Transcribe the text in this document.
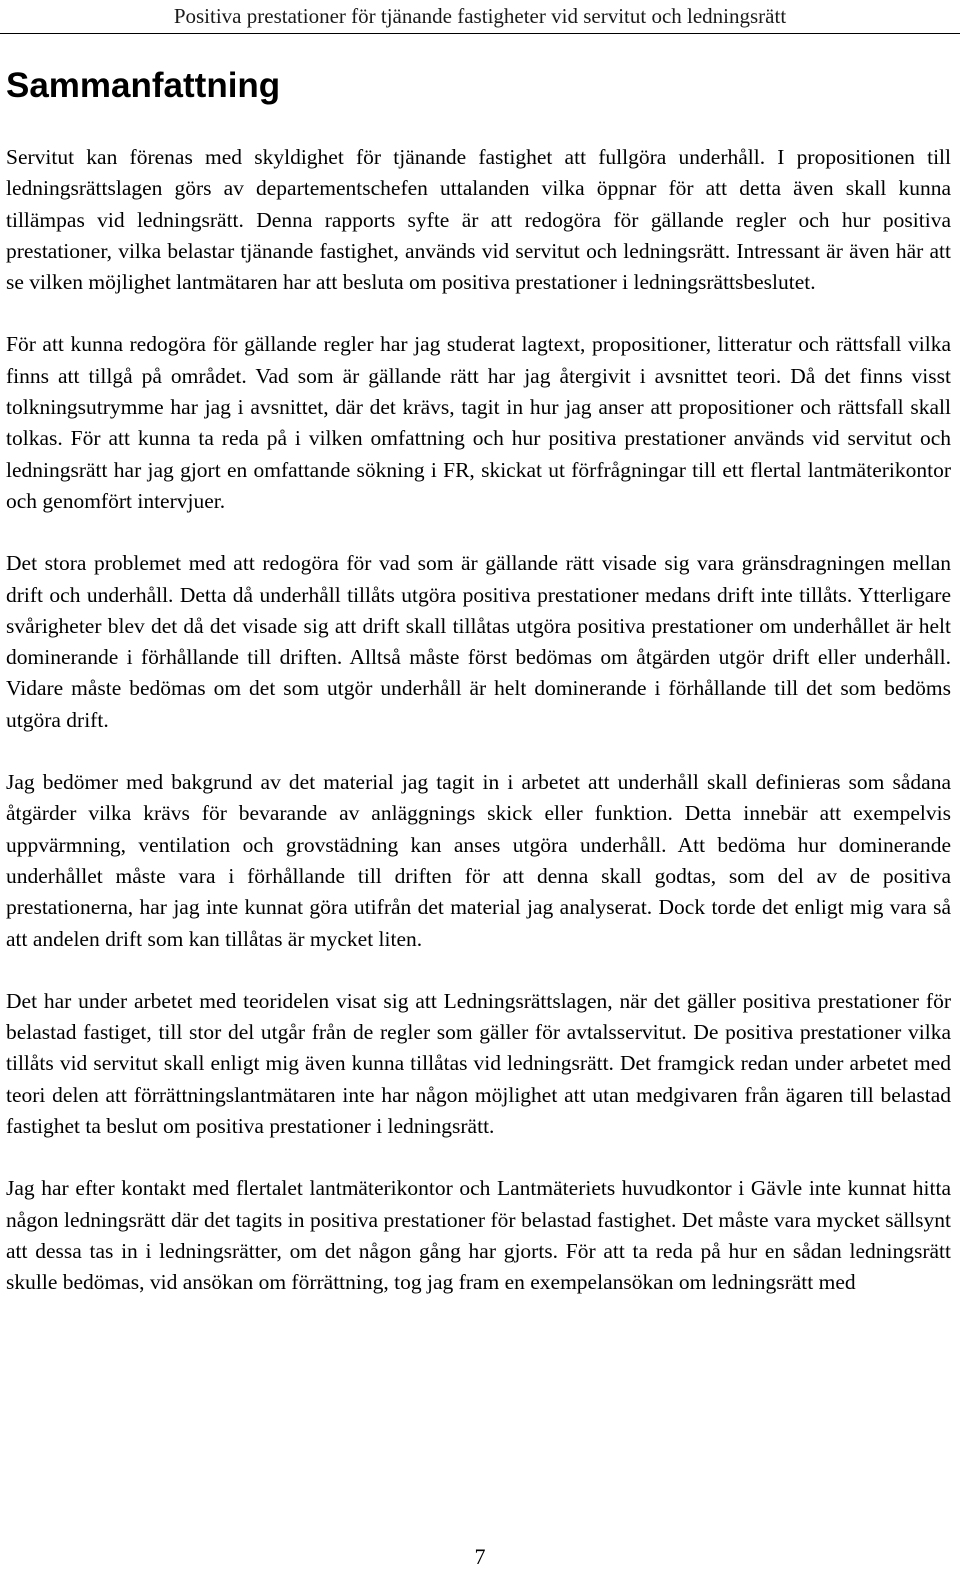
Positiva prestationer för tjänande fastigheter vid servitut och ledningsrätt
Sammanfattning

Servitut kan förenas med skyldighet för tjänande fastighet att fullgöra underhåll. I propositionen till ledningsrättslagen görs av departementschefen uttalanden vilka öppnar för att detta även skall kunna tillämpas vid ledningsrätt. Denna rapports syfte är att redogöra för gällande regler och hur positiva prestationer, vilka belastar tjänande fastighet, används vid servitut och ledningsrätt. Intressant är även här att se vilken möjlighet lantmätaren har att besluta om positiva prestationer i ledningsrättsbeslutet.

För att kunna redogöra för gällande regler har jag studerat lagtext, propositioner, litteratur och rättsfall vilka finns att tillgå på området. Vad som är gällande rätt har jag återgivit i avsnittet teori. Då det finns visst tolkningsutrymme har jag i avsnittet, där det krävs, tagit in hur jag anser att propositioner och rättsfall skall tolkas. För att kunna ta reda på i vilken omfattning och hur positiva prestationer används vid servitut och ledningsrätt har jag gjort en omfattande sökning i FR, skickat ut förfrågningar till ett flertal lantmäterikontor och genomfört intervjuer.

Det stora problemet med att redogöra för vad som är gällande rätt visade sig vara gränsdragningen mellan drift och underhåll. Detta då underhåll tillåts utgöra positiva prestationer medans drift inte tillåts. Ytterligare svårigheter blev det då det visade sig att drift skall tillåtas utgöra positiva prestationer om underhållet är helt dominerande i förhållande till driften. Alltså måste först bedömas om åtgärden utgör drift eller underhåll. Vidare måste bedömas om det som utgör underhåll är helt dominerande i förhållande till det som bedöms utgöra drift.

Jag bedömer med bakgrund av det material jag tagit in i arbetet att underhåll skall definieras som sådana åtgärder vilka krävs för bevarande av anläggnings skick eller funktion. Detta innebär att exempelvis uppvärmning, ventilation och grovstädning kan anses utgöra underhåll. Att bedöma hur dominerande underhållet måste vara i förhållande till driften för att denna skall godtas, som del av de positiva prestationerna, har jag inte kunnat göra utifrån det material jag analyserat. Dock torde det enligt mig vara så att andelen drift som kan tillåtas är mycket liten.

Det har under arbetet med teoridelen visat sig att Ledningsrättslagen, när det gäller positiva prestationer för belastad fastiget, till stor del utgår från de regler som gäller för avtalsservitut. De positiva prestationer vilka tillåts vid servitut skall enligt mig även kunna tillåtas vid ledningsrätt. Det framgick redan under arbetet med teori delen att förrättningslantmätaren inte har någon möjlighet att utan medgivaren från ägaren till belastad fastighet ta beslut om positiva prestationer i ledningsrätt.

Jag har efter kontakt med flertalet lantmäterikontor och Lantmäteriets huvudkontor i Gävle inte kunnat hitta någon ledningsrätt där det tagits in positiva prestationer för belastad fastighet. Det måste vara mycket sällsynt att dessa tas in i ledningsrätter, om det någon gång har gjorts. För att ta reda på hur en sådan ledningsrätt skulle bedömas, vid ansökan om förrättning, tog jag fram en exempelansökan om ledningsrätt med

7
